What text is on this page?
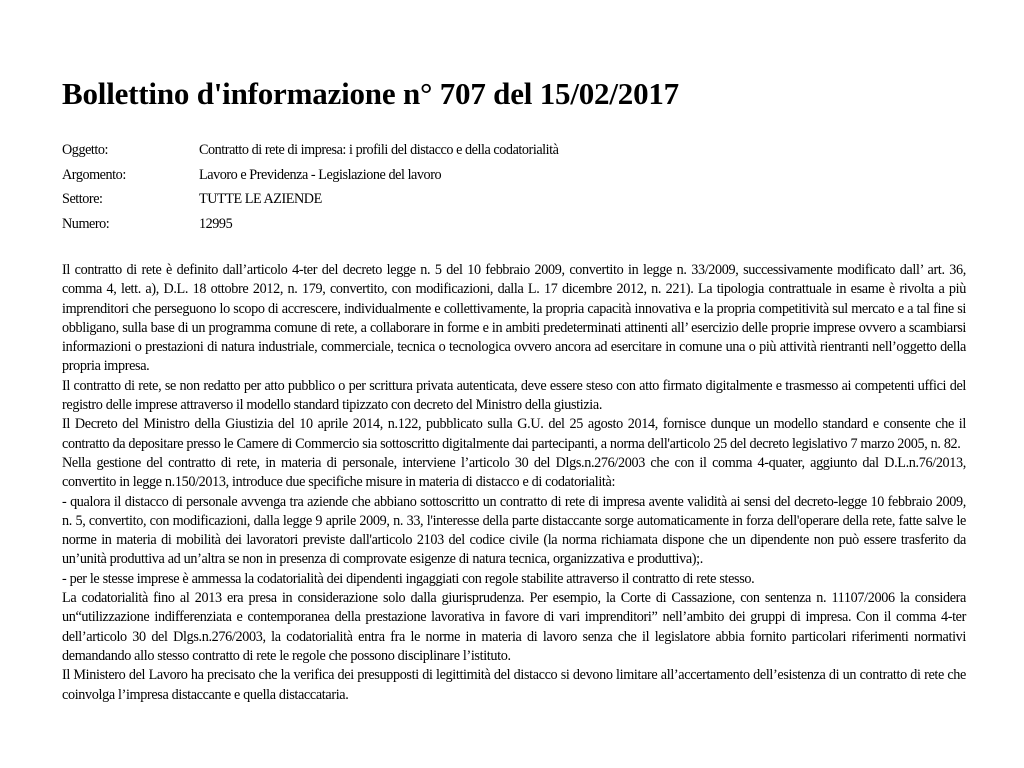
Bollettino d'informazione n° 707 del 15/02/2017
Oggetto:	Contratto di rete di impresa: i profili del distacco e della codatorialità
Argomento:	Lavoro e Previdenza - Legislazione del lavoro
Settore:	TUTTE LE AZIENDE
Numero:	12995

Il contratto di rete è definito dall’articolo 4-ter del decreto legge n. 5 del 10 febbraio 2009, convertito in legge n. 33/2009, successivamente modificato dall’ art. 36, comma 4, lett. a), D.L. 18 ottobre 2012, n. 179, convertito, con modificazioni, dalla L. 17 dicembre 2012, n. 221). La tipologia contrattuale in esame è rivolta a più imprenditori che perseguono lo scopo di accrescere, individualmente e collettivamente, la propria capacità innovativa e la propria competitività sul mercato e a tal fine si obbligano, sulla base di un programma comune di rete, a collaborare in forme e in ambiti predeterminati attinenti all’ esercizio delle proprie imprese ovvero a scambiarsi informazioni o prestazioni di natura industriale, commerciale, tecnica o tecnologica ovvero ancora ad esercitare in comune una o più attività rientranti nell’oggetto della propria impresa.

Il contratto di rete, se non redatto per atto pubblico o per scrittura privata autenticata, deve essere steso con atto firmato digitalmente e trasmesso ai competenti uffici del registro delle imprese attraverso il modello standard tipizzato con decreto del Ministro della giustizia.

Il Decreto del Ministro della Giustizia del 10 aprile 2014, n.122, pubblicato sulla G.U. del 25 agosto 2014, fornisce dunque un modello standard e consente che il contratto da depositare presso le Camere di Commercio sia sottoscritto digitalmente dai partecipanti, a norma dell'articolo 25 del decreto legislativo 7 marzo 2005, n. 82.

Nella gestione del contratto di rete, in materia di personale, interviene l’articolo 30 del Dlgs.n.276/2003 che con il comma 4-quater, aggiunto dal D.L.n.76/2013, convertito in legge n.150/2013, introduce due specifiche misure in materia di distacco e di codatorialità:

- qualora il distacco di personale avvenga tra aziende che abbiano sottoscritto un contratto di rete di impresa avente validità ai sensi del decreto-legge 10 febbraio 2009, n. 5, convertito, con modificazioni, dalla legge 9 aprile 2009, n. 33, l'interesse della parte distaccante sorge automaticamente in forza dell'operare della rete, fatte salve le norme in materia di mobilità dei lavoratori previste dall'articolo 2103 del codice civile (la norma richiamata dispone che un dipendente non può essere trasferito da un’unità produttiva ad un’altra se non in presenza di comprovate esigenze di natura tecnica, organizzativa e produttiva);.

- per le stesse imprese è ammessa la codatorialità dei dipendenti ingaggiati con regole stabilite attraverso il contratto di rete stesso.

La codatorialità fino al 2013 era presa in considerazione solo dalla giurisprudenza. Per esempio, la Corte di Cassazione, con sentenza n. 11107/2006 la considera un“utilizzazione indifferenziata e contemporanea della prestazione lavorativa in favore di vari imprenditori” nell’ambito dei gruppi di impresa. Con il comma 4-ter dell’articolo 30 del Dlgs.n.276/2003, la codatorialità entra fra le norme in materia di lavoro senza che il legislatore abbia fornito particolari riferimenti normativi demandando allo stesso contratto di rete le regole che possono disciplinare l’istituto.

Il Ministero del Lavoro ha precisato che la verifica dei presupposti di legittimità del distacco si devono limitare all’accertamento dell’esistenza di un contratto di rete che coinvolga l’impresa distaccante e quella distaccataria.
